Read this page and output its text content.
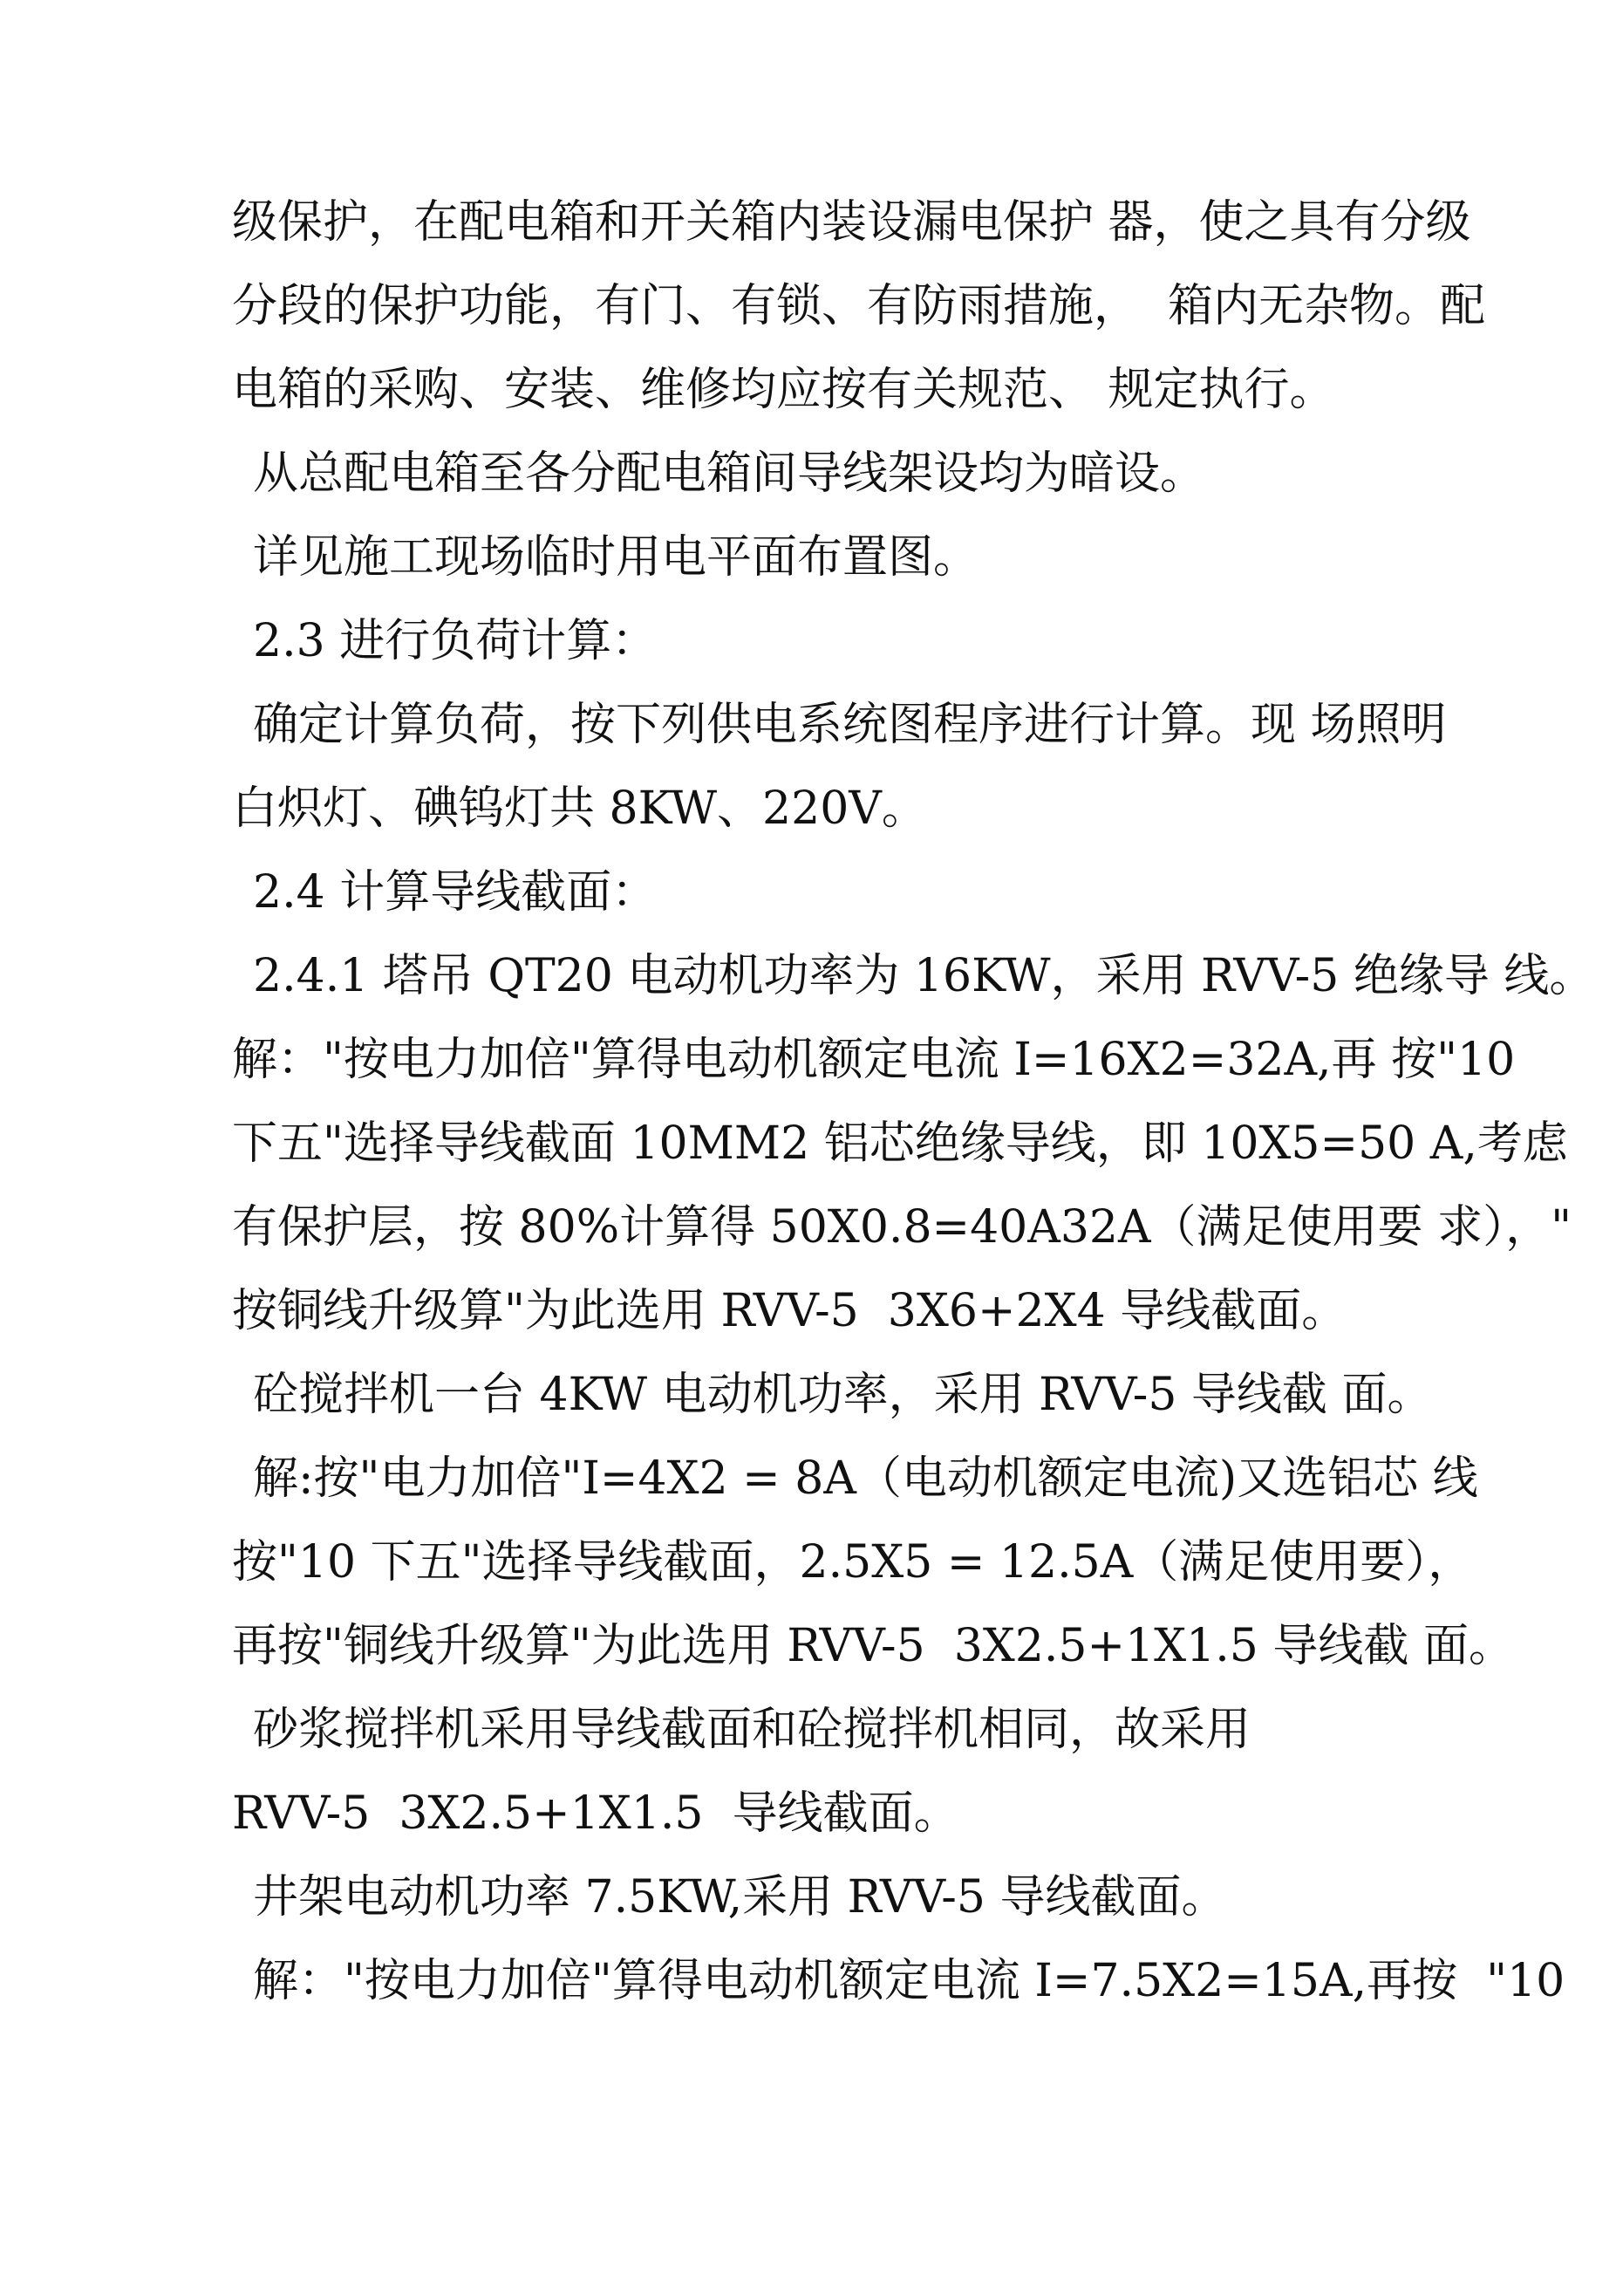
级保护，在配电箱和开关箱内装设漏电保护 器，使之具有分级
分段的保护功能，有门、有锁、有防雨措施，  箱内无杂物。配
电箱的采购、安装、维修均应按有关规范、 规定执行。
从总配电箱至各分配电箱间导线架设均为暗设。
详见施工现场临时用电平面布置图。
2.3 进行负荷计算：
确定计算负荷，按下列供电系统图程序进行计算。现 场照明
白炽灯、碘钨灯共 8KW、220V。
2.4 计算导线截面：
2.4.1 塔吊 QT20 电动机功率为 16KW，采用 RVV-5 绝缘导 线。
解："按电力加倍"算得电动机额定电流 I=16X2=32A,再 按"10
下五"选择导线截面 10MM2 铝芯绝缘导线，即 10X5=50 A,考虑
有保护层，按 80%计算得 50X0.8=40A32A（满足使用要 求），"
按铜线升级算"为此选用 RVV-5  3X6+2X4 导线截面。
砼搅拌机一台 4KW 电动机功率，采用 RVV-5 导线截 面。
解:按"电力加倍"I=4X2 = 8A（电动机额定电流)又选铝芯 线
按"10 下五"选择导线截面，2.5X5 = 12.5A（满足使用要），
再按"铜线升级算"为此选用 RVV-5  3X2.5+1X1.5 导线截 面。
砂浆搅拌机采用导线截面和砼搅拌机相同，故采用
RVV-5  3X2.5+1X1.5  导线截面。
井架电动机功率 7.5KW,采用 RVV-5 导线截面。
解："按电力加倍"算得电动机额定电流 I=7.5X2=15A,再按  "10
